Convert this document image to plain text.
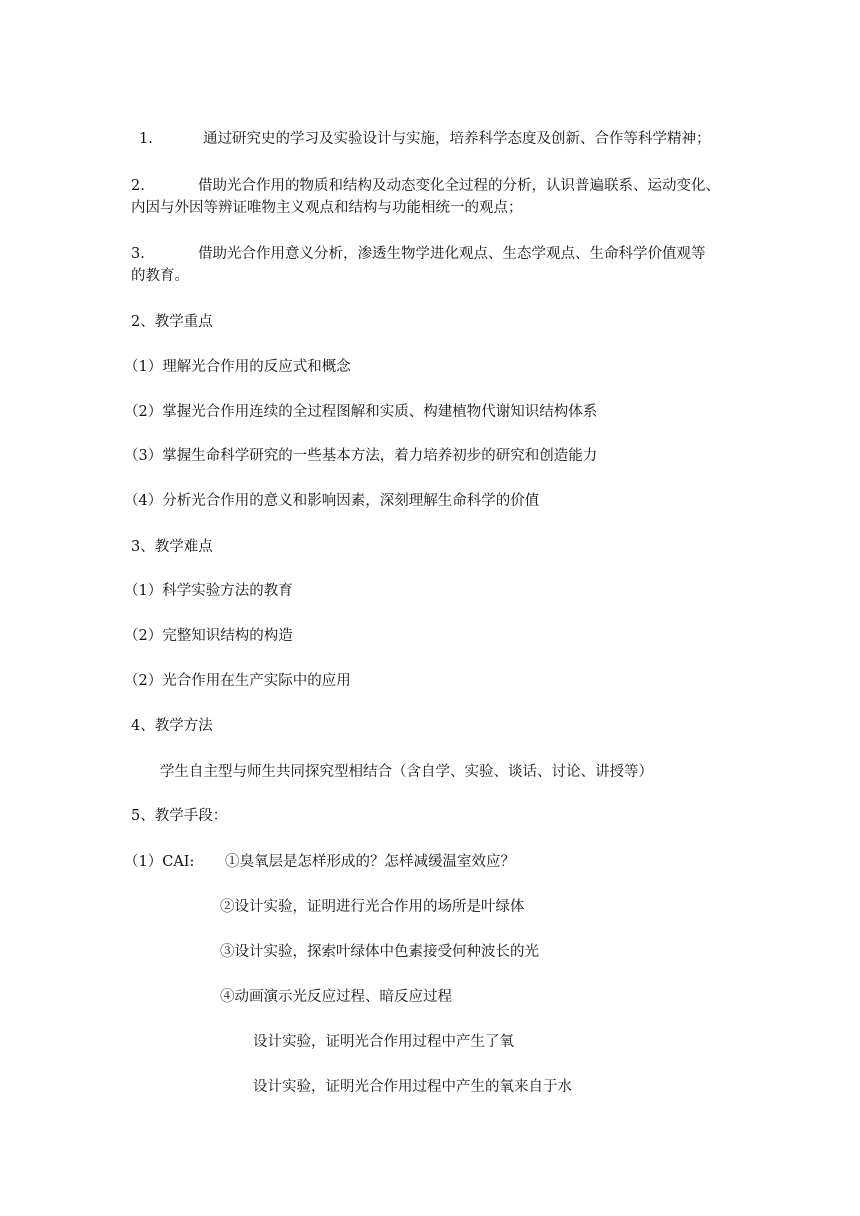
1.	通过研究史的学习及实验设计与实施，培养科学态度及创新、合作等科学精神；
2.	借助光合作用的物质和结构及动态变化全过程的分析，认识普遍联系、运动变化、
内因与外因等辨证唯物主义观点和结构与功能相统一的观点；
3.	借助光合作用意义分析，渗透生物学进化观点、生态学观点、生命科学价值观等
的教育。
2、教学重点
（1）理解光合作用的反应式和概念
（2）掌握光合作用连续的全过程图解和实质、构建植物代谢知识结构体系
（3）掌握生命科学研究的一些基本方法，着力培养初步的研究和创造能力
（4）分析光合作用的意义和影响因素，深刻理解生命科学的价值
3、教学难点
（1）科学实验方法的教育
（2）完整知识结构的构造
（2）光合作用在生产实际中的应用
4、教学方法
学生自主型与师生共同探究型相结合（含自学、实验、谈话、讨论、讲授等）
5、教学手段：
（1）CAI: ①臭氧层是怎样形成的？怎样减缓温室效应？
②设计实验，证明进行光合作用的场所是叶绿体
③设计实验，探索叶绿体中色素接受何种波长的光
④动画演示光反应过程、暗反应过程
设计实验，证明光合作用过程中产生了氧
设计实验，证明光合作用过程中产生的氧来自于水
